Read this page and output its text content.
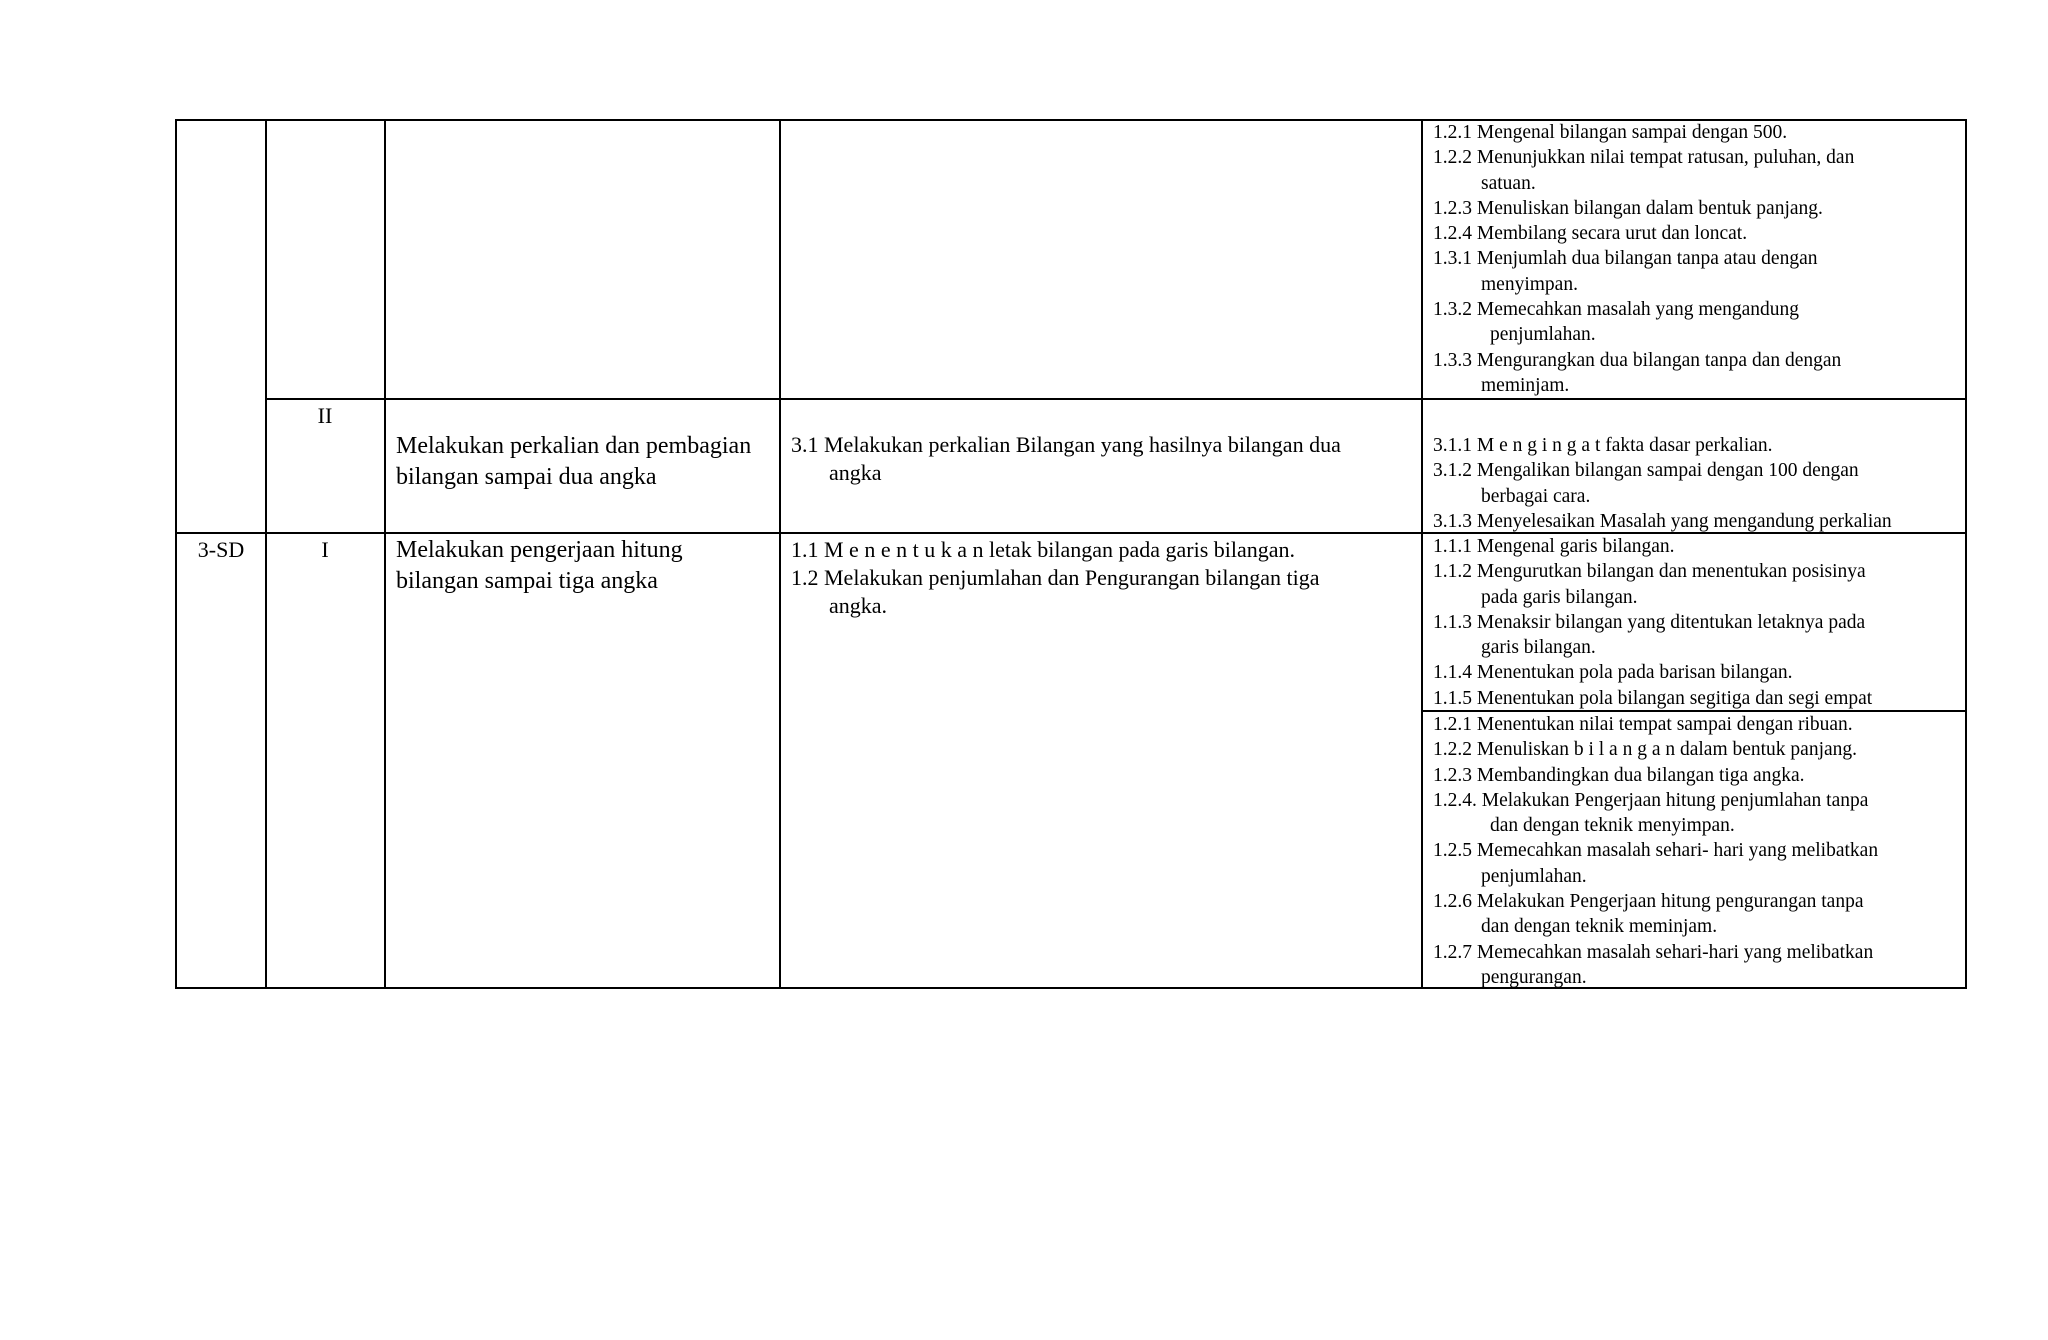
1.2.1 Mengenal bilangan sampai dengan 500.
1.2.2 Menunjukkan nilai tempat ratusan, puluhan, dan
satuan.
1.2.3 Menuliskan bilangan dalam bentuk panjang.
1.2.4 Membilang secara urut dan loncat.
1.3.1 Menjumlah dua bilangan tanpa atau dengan
menyimpan.
1.3.2 Memecahkan masalah yang mengandung
penjumlahan.
1.3.3 Mengurangkan dua bilangan tanpa dan dengan
meminjam.
II
Melakukan perkalian dan pembagian bilangan sampai dua angka
3.1 Melakukan perkalian Bilangan yang hasilnya bilangan dua
angka
3.1.1 M e n g i n g a t fakta dasar perkalian.
3.1.2 Mengalikan bilangan sampai dengan 100 dengan
berbagai cara.
3.1.3 Menyelesaikan Masalah yang mengandung perkalian
3-SD	I	Melakukan pengerjaan hitung bilangan sampai tiga angka
1.1 M e n e n t u k a n letak bilangan pada garis bilangan.
1.2 Melakukan penjumlahan dan Pengurangan bilangan tiga
angka.
1.1.1 Mengenal garis bilangan.
1.1.2 Mengurutkan bilangan dan menentukan posisinya
pada garis bilangan.
1.1.3 Menaksir bilangan yang ditentukan letaknya pada
garis bilangan.
1.1.4 Menentukan pola pada barisan bilangan.
1.1.5 Menentukan pola bilangan segitiga dan segi empat
1.2.1 Menentukan nilai tempat sampai dengan ribuan.
1.2.2 Menuliskan b i l a n g a n dalam bentuk panjang.
1.2.3 Membandingkan dua bilangan tiga angka.
1.2.4. Melakukan Pengerjaan hitung penjumlahan tanpa
dan dengan teknik menyimpan.
1.2.5 Memecahkan masalah sehari- hari yang melibatkan
penjumlahan.
1.2.6 Melakukan Pengerjaan hitung pengurangan tanpa
dan dengan teknik meminjam.
1.2.7 Memecahkan masalah sehari-hari yang melibatkan
pengurangan.
